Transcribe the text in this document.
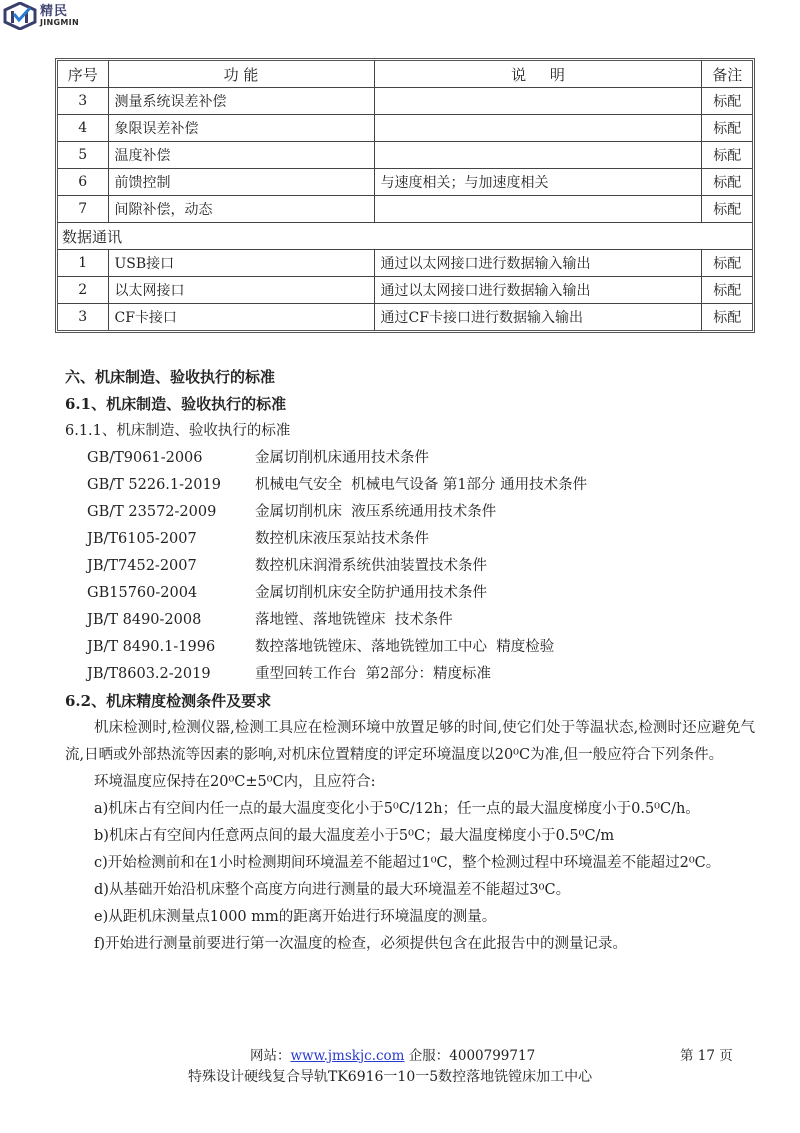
精民
JINGMIN
序号	功 能	说     明	备注
3	测量系统误差补偿		标配
4	象限误差补偿		标配
5	温度补偿		标配
6	前馈控制	与速度相关；与加速度相关	标配
7	间隙补偿，动态		标配
数据通讯			
1	USB接口	通过以太网接口进行数据输入输出	标配
2	以太网接口	通过以太网接口进行数据输入输出	标配
3	CF卡接口	通过CF卡接口进行数据输入输出	标配
六、机床制造、验收执行的标准
6.1、机床制造、验收执行的标准
6.1.1、机床制造、验收执行的标准
GB/T9061-2006	金属切削机床通用技术条件
GB/T 5226.1-2019	机械电气安全  机械电气设备 第1部分 通用技术条件
GB/T 23572-2009	金属切削机床  液压系统通用技术条件
JB/T6105-2007	数控机床液压泵站技术条件
JB/T7452-2007	数控机床润滑系统供油装置技术条件
GB15760-2004	金属切削机床安全防护通用技术条件
JB/T 8490-2008	落地镗、落地铣镗床  技术条件
JB/T 8490.1-1996	数控落地铣镗床、落地铣镗加工中心  精度检验
JB/T8603.2-2019	重型回转工作台  第2部分：精度标准
6.2、机床精度检测条件及要求
机床检测时,检测仪器,检测工具应在检测环境中放置足够的时间,使它们处于等温状态,检测时还应避免气流,日晒或外部热流等因素的影响,对机床位置精度的评定环境温度以20⁰C为准,但一般应符合下列条件。
环境温度应保持在20⁰C±5⁰C内，且应符合:
a)机床占有空间内任一点的最大温度变化小于5⁰C/12h；任一点的最大温度梯度小于0.5⁰C/h。
b)机床占有空间内任意两点间的最大温度差小于5⁰C；最大温度梯度小于0.5⁰C/m
c)开始检测前和在1小时检测期间环境温差不能超过1⁰C，整个检测过程中环境温差不能超过2⁰C。
d)从基础开始沿机床整个高度方向进行测量的最大环境温差不能超过3⁰C。
e)从距机床测量点1000 mm的距离开始进行环境温度的测量。
f)开始进行测量前要进行第一次温度的检查，必须提供包含在此报告中的测量记录。
网站：www.jmskjc.com 企服：4000799717	第 17 页
特殊设计硬线复合导轨TK6916一10一5数控落地铣镗床加工中心
